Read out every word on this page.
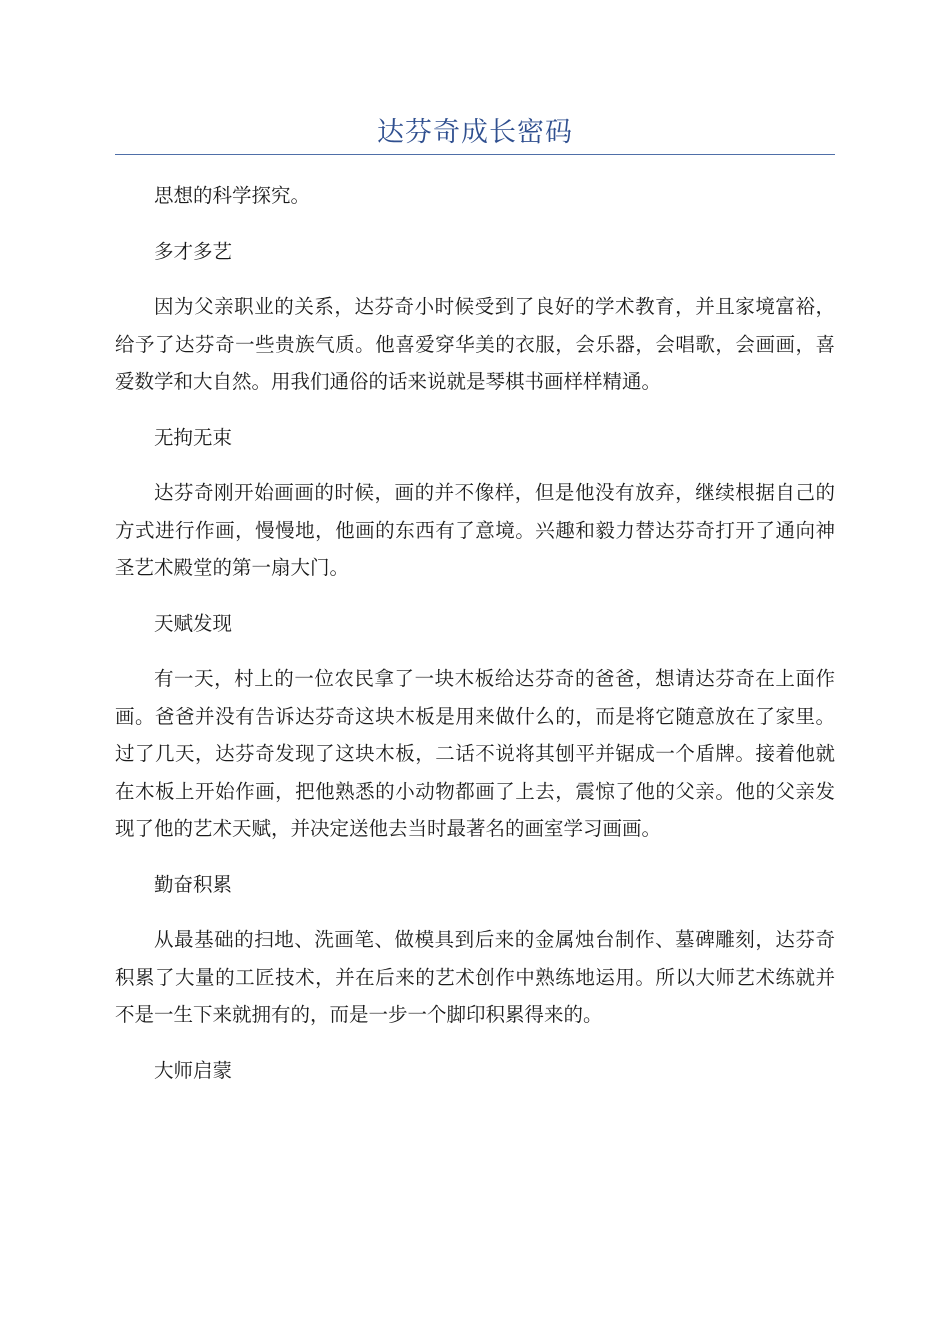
达芬奇成长密码

思想的科学探究。

多才多艺

因为父亲职业的关系，达芬奇小时候受到了良好的学术教育，并且家境富裕，给予了达芬奇一些贵族气质。他喜爱穿华美的衣服，会乐器，会唱歌，会画画，喜爱数学和大自然。用我们通俗的话来说就是琴棋书画样样精通。

无拘无束

达芬奇刚开始画画的时候，画的并不像样，但是他没有放弃，继续根据自己的方式进行作画，慢慢地，他画的东西有了意境。兴趣和毅力替达芬奇打开了通向神圣艺术殿堂的第一扇大门。

天赋发现

有一天，村上的一位农民拿了一块木板给达芬奇的爸爸，想请达芬奇在上面作画。爸爸并没有告诉达芬奇这块木板是用来做什么的，而是将它随意放在了家里。过了几天，达芬奇发现了这块木板，二话不说将其刨平并锯成一个盾牌。接着他就在木板上开始作画，把他熟悉的小动物都画了上去，震惊了他的父亲。他的父亲发现了他的艺术天赋，并决定送他去当时最著名的画室学习画画。

勤奋积累

从最基础的扫地、洗画笔、做模具到后来的金属烛台制作、墓碑雕刻，达芬奇积累了大量的工匠技术，并在后来的艺术创作中熟练地运用。所以大师艺术练就并不是一生下来就拥有的，而是一步一个脚印积累得来的。

大师启蒙
